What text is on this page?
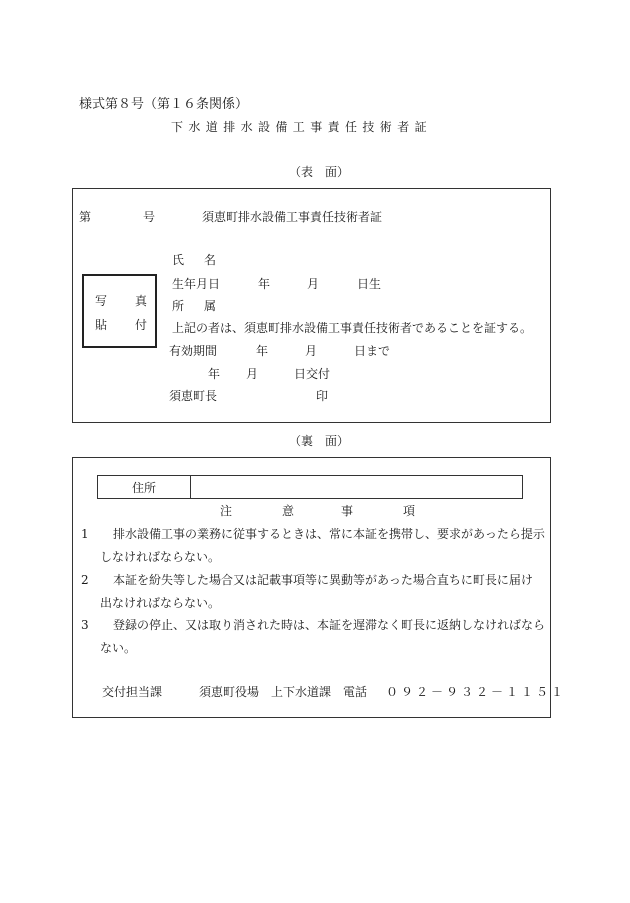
様式第８号（第１６条関係）
下水道排水設備工事責任技術者証
（表　面）
第	号	須恵町排水設備工事責任技術者証
写 真
貼 付
氏 名
生年月日	年	月	日生
所 属
上記の者は、須恵町排水設備工事責任技術者であることを証する。
有効期間	年	月	日まで
年 月	日交付
須恵町長	印
（裏　面）
住所
注	意	事	項
1 排水設備工事の業務に従事するときは、常に本証を携帯し、要求があったら提示
しなければならない。
2 本証を紛失等した場合又は記載事項等に異動等があった場合直ちに町長に届け
出なければならない。
3 登録の停止、又は取り消された時は、本証を遅滞なく町長に返納しなければなら
ない。
交付担当課	須恵町役場　上下水道課　電話 ０９２－９３２－１１５１
